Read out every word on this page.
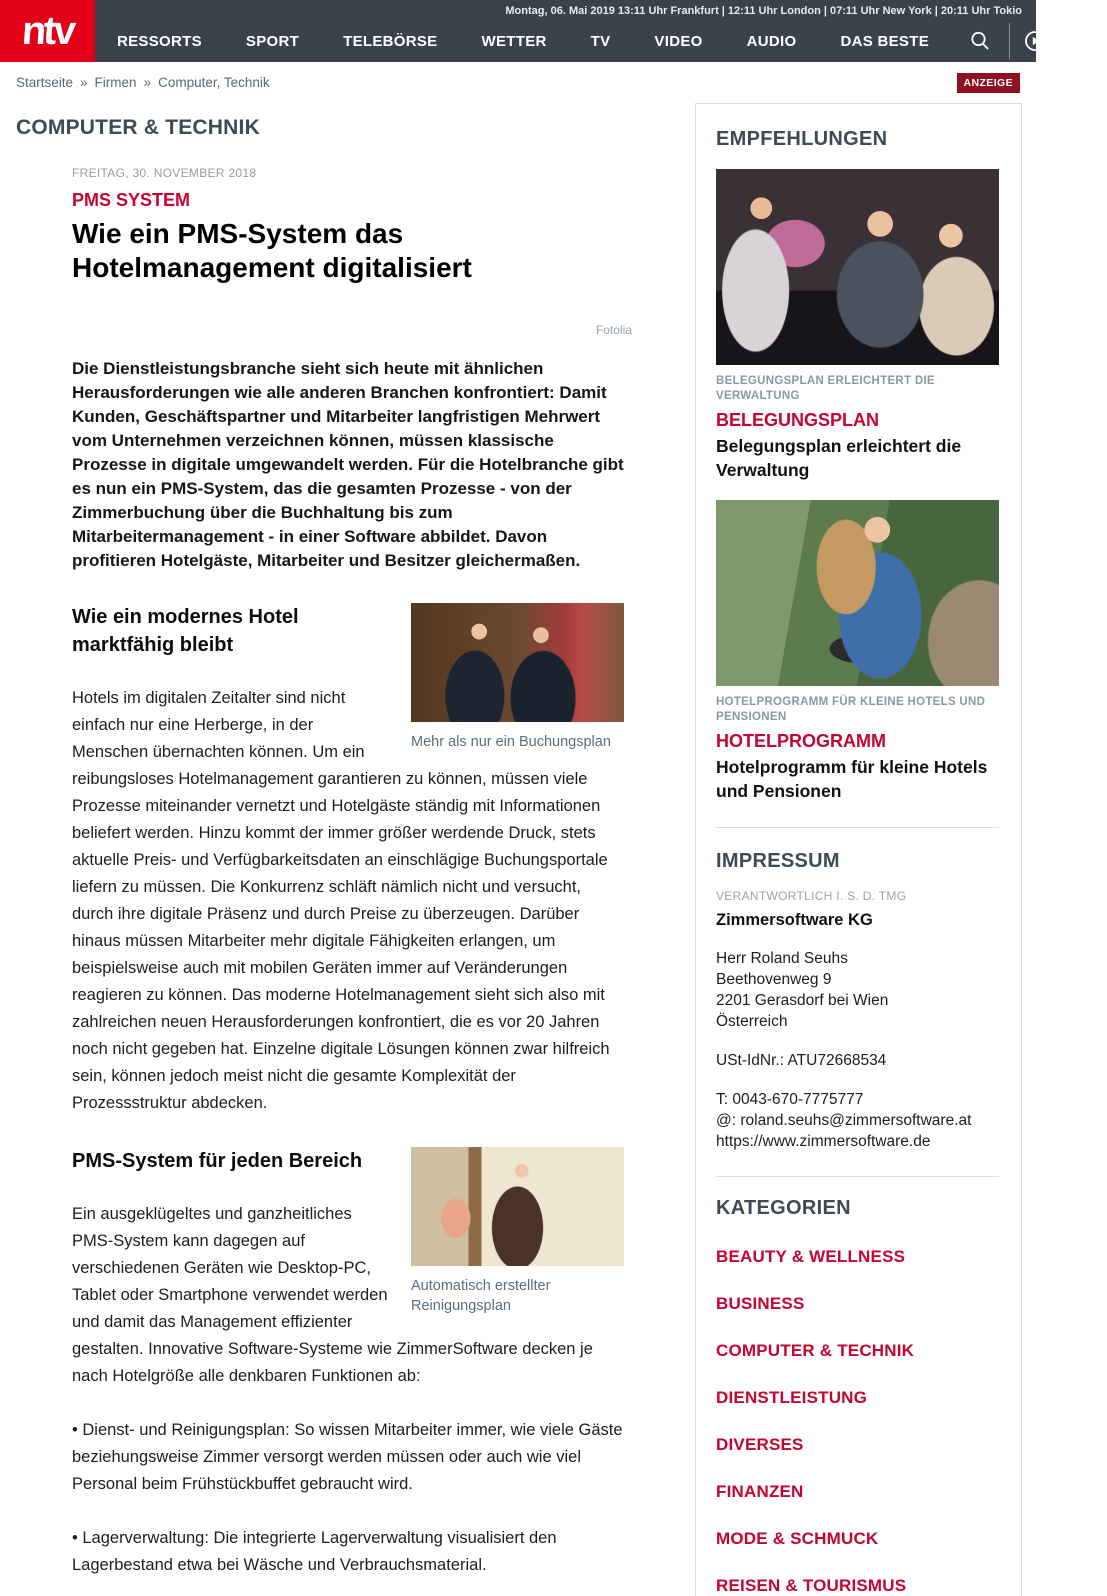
ntv	Montag, 06. Mai 2019 13:11 Uhr Frankfurt | 12:11 Uhr London | 07:11 Uhr New York | 20:11 Uhr Tokio
RESSORTS	SPORT	TELEBÖRSE	WETTER	TV	VIDEO	AUDIO	DAS BESTE	LIVE
Startseite » Firmen » Computer, Technik	ANZEIGE
COMPUTER & TECHNIK
FREITAG, 30. NOVEMBER 2018
PMS SYSTEM
Wie ein PMS-System das Hotelmanagement digitalisiert
Fotolia

Die Dienstleistungsbranche sieht sich heute mit ähnlichen Herausforderungen wie alle anderen Branchen konfrontiert: Damit Kunden, Geschäftspartner und Mitarbeiter langfristigen Mehrwert vom Unternehmen verzeichnen können, müssen klassische Prozesse in digitale umgewandelt werden. Für die Hotelbranche gibt es nun ein PMS-System, das die gesamten Prozesse - von der Zimmerbuchung über die Buchhaltung bis zum Mitarbeitermanagement - in einer Software abbildet. Davon profitieren Hotelgäste, Mitarbeiter und Besitzer gleichermaßen.

Mehr als nur ein Buchungsplan
Wie ein modernes Hotel marktfähig bleibt

Hotels im digitalen Zeitalter sind nicht einfach nur eine Herberge, in der Menschen übernachten können. Um ein reibungsloses Hotelmanagement garantieren zu können, müssen viele Prozesse miteinander vernetzt und Hotelgäste ständig mit Informationen beliefert werden. Hinzu kommt der immer größer werdende Druck, stets aktuelle Preis- und Verfügbarkeitsdaten an einschlägige Buchungsportale liefern zu müssen. Die Konkurrenz schläft nämlich nicht und versucht, durch ihre digitale Präsenz und durch Preise zu überzeugen. Darüber hinaus müssen Mitarbeiter mehr digitale Fähigkeiten erlangen, um beispielsweise auch mit mobilen Geräten immer auf Veränderungen reagieren zu können. Das moderne Hotelmanagement sieht sich also mit zahlreichen neuen Herausforderungen konfrontiert, die es vor 20 Jahren noch nicht gegeben hat. Einzelne digitale Lösungen können zwar hilfreich sein, können jedoch meist nicht die gesamte Komplexität der Prozessstruktur abdecken.

Automatisch erstellter Reinigungsplan
PMS-System für jeden Bereich

Ein ausgeklügeltes und ganzheitliches PMS-System kann dagegen auf verschiedenen Geräten wie Desktop-PC, Tablet oder Smartphone verwendet werden und damit das Management effizienter gestalten. Innovative Software-Systeme wie ZimmerSoftware decken je nach Hotelgröße alle denkbaren Funktionen ab:

• Dienst- und Reinigungsplan: So wissen Mitarbeiter immer, wie viele Gäste beziehungsweise Zimmer versorgt werden müssen oder auch wie viel Personal beim Frühstückbuffet gebraucht wird.

• Lagerverwaltung: Die integrierte Lagerverwaltung visualisiert den Lagerbestand etwa bei Wäsche und Verbrauchsmaterial.

EMPFEHLUNGEN
BELEGUNGSPLAN ERLEICHTERT DIE VERWALTUNG
BELEGUNGSPLAN
Belegungsplan erleichtert die Verwaltung
HOTELPROGRAMM FÜR KLEINE HOTELS UND PENSIONEN
HOTELPROGRAMM
Hotelprogramm für kleine Hotels und Pensionen
IMPRESSUM
VERANTWORTLICH I. S. D. TMG
Zimmersoftware KG
Herr Roland Seuhs
Beethovenweg 9
2201 Gerasdorf bei Wien
Österreich
USt-IdNr.: ATU72668534
T: 0043-670-7775777
@: roland.seuhs@zimmersoftware.at
https://www.zimmersoftware.de
KATEGORIEN
BEAUTY & WELLNESS
BUSINESS
COMPUTER & TECHNIK
DIENSTLEISTUNG
DIVERSES
FINANZEN
MODE & SCHMUCK
REISEN & TOURISMUS
